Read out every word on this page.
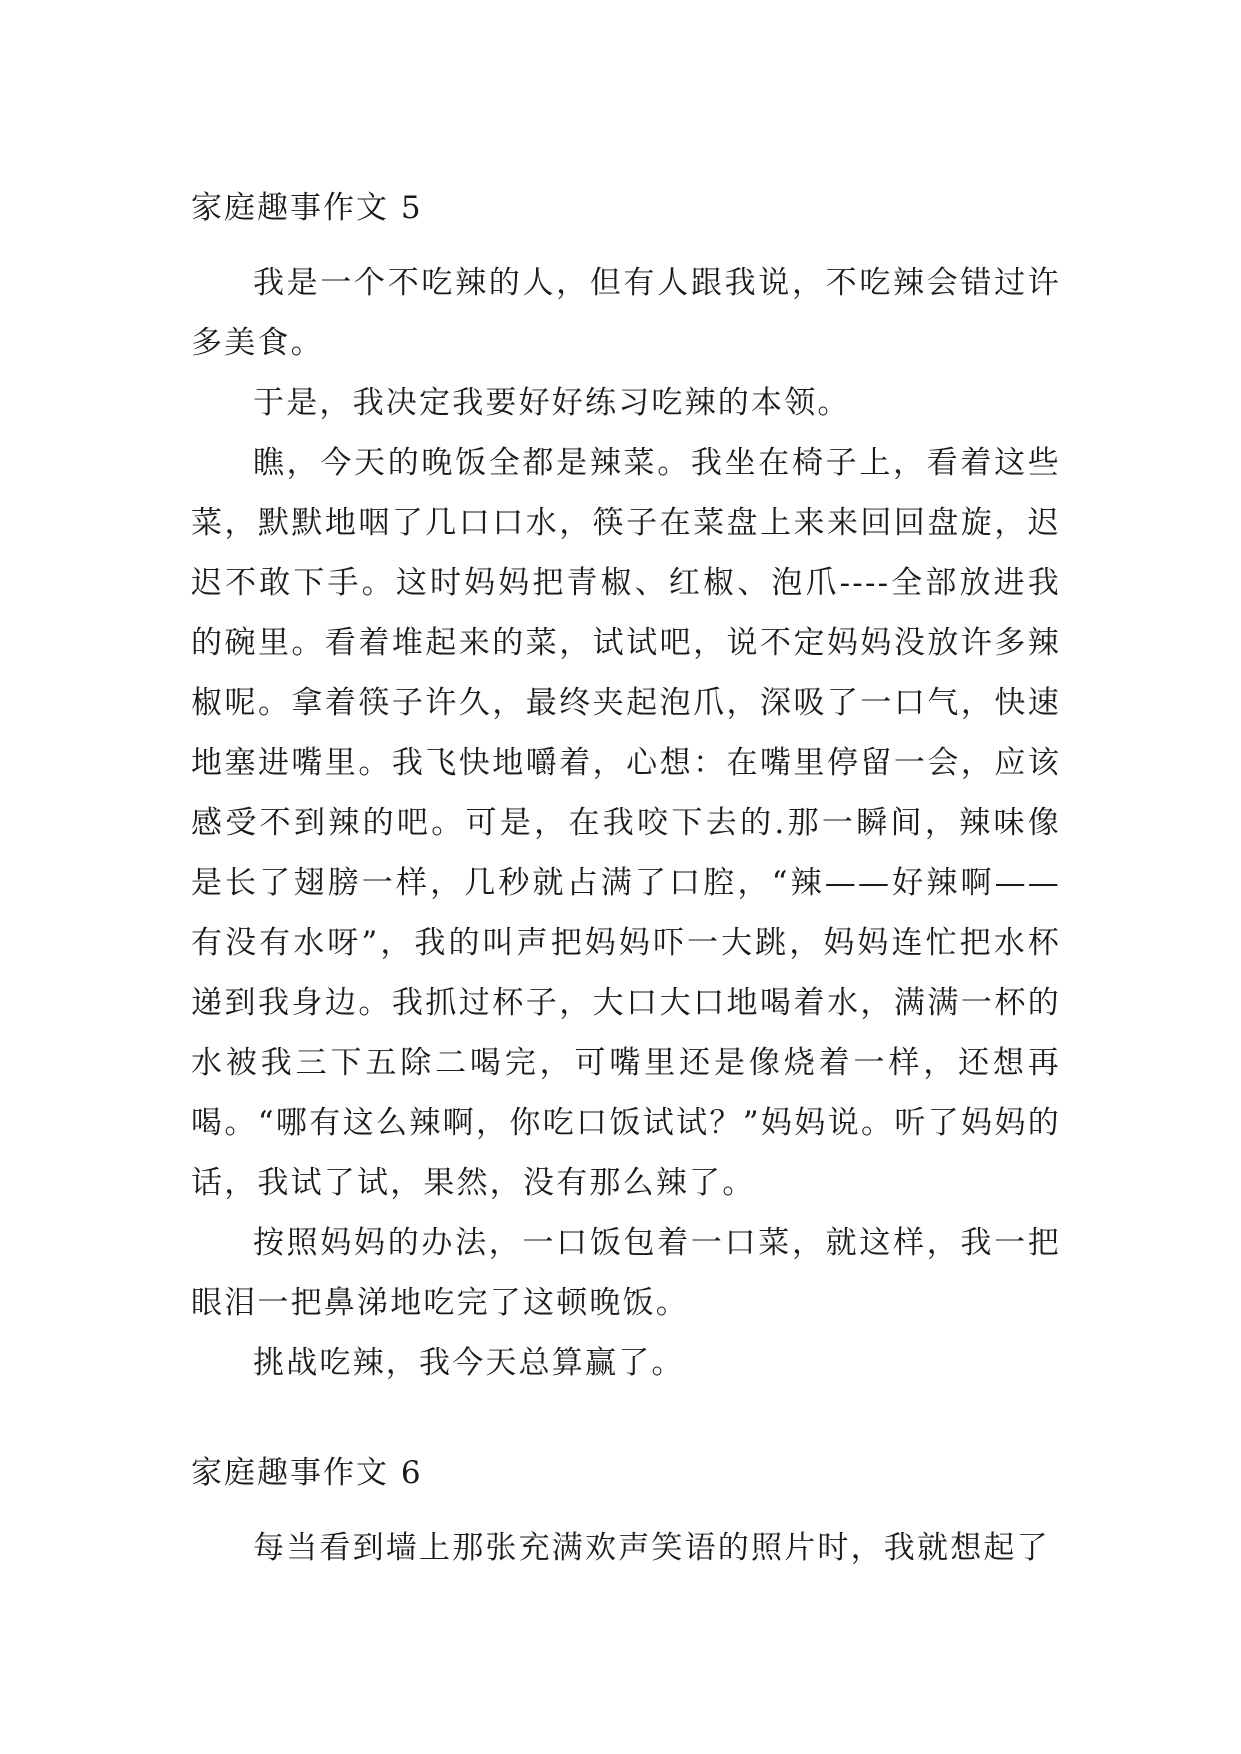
家庭趣事作文 5

我是一个不吃辣的人，但有人跟我说，不吃辣会错过许多美食。

于是，我决定我要好好练习吃辣的本领。

瞧，今天的晚饭全都是辣菜。我坐在椅子上，看着这些菜，默默地咽了几口口水，筷子在菜盘上来来回回盘旋，迟迟不敢下手。这时妈妈把青椒、红椒、泡爪----全部放进我的碗里。看着堆起来的菜，试试吧，说不定妈妈没放许多辣椒呢。拿着筷子许久，最终夹起泡爪，深吸了一口气，快速地塞进嘴里。我飞快地嚼着，心想：在嘴里停留一会，应该感受不到辣的吧。可是，在我咬下去的.那一瞬间，辣味像是长了翅膀一样，几秒就占满了口腔，“辣——好辣啊——有没有水呀”，我的叫声把妈妈吓一大跳，妈妈连忙把水杯递到我身边。我抓过杯子，大口大口地喝着水，满满一杯的水被我三下五除二喝完，可嘴里还是像烧着一样，还想再喝。“哪有这么辣啊，你吃口饭试试？”妈妈说。听了妈妈的话，我试了试，果然，没有那么辣了。

按照妈妈的办法，一口饭包着一口菜，就这样，我一把眼泪一把鼻涕地吃完了这顿晚饭。

挑战吃辣，我今天总算赢了。

家庭趣事作文 6

每当看到墙上那张充满欢声笑语的照片时，我就想起了
